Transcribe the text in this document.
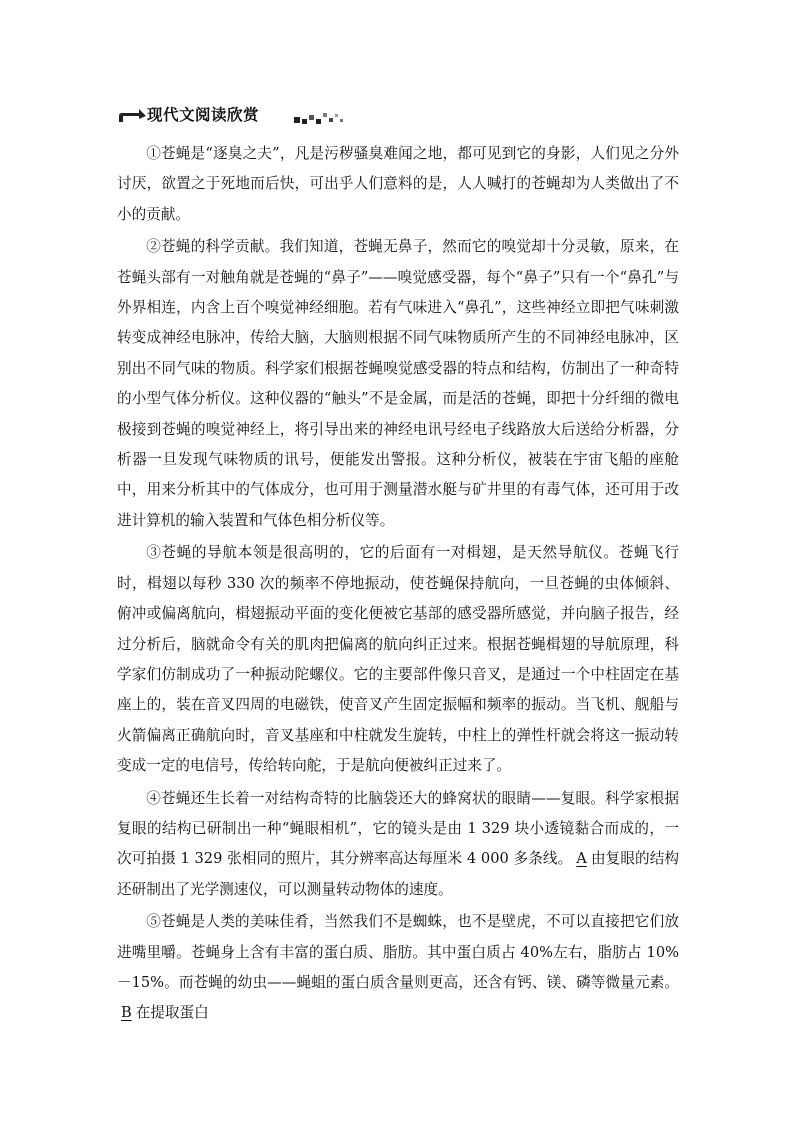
现代文阅读欣赏

①苍蝇是“逐臭之夫”，凡是污秽骚臭难闻之地，都可见到它的身影，人们见之分外讨厌，欲置之于死地而后快，可出乎人们意料的是，人人喊打的苍蝇却为人类做出了不小的贡献。

②苍蝇的科学贡献。我们知道，苍蝇无鼻子，然而它的嗅觉却十分灵敏，原来，在苍蝇头部有一对触角就是苍蝇的“鼻子”——嗅觉感受器，每个“鼻子”只有一个“鼻孔”与外界相连，内含上百个嗅觉神经细胞。若有气味进入“鼻孔”，这些神经立即把气味刺激转变成神经电脉冲，传给大脑，大脑则根据不同气味物质所产生的不同神经电脉冲，区别出不同气味的物质。科学家们根据苍蝇嗅觉感受器的特点和结构，仿制出了一种奇特的小型气体分析仪。这种仪器的“触头”不是金属，而是活的苍蝇，即把十分纤细的微电极接到苍蝇的嗅觉神经上，将引导出来的神经电讯号经电子线路放大后送给分析器，分析器一旦发现气味物质的讯号，便能发出警报。这种分析仪，被装在宇宙飞船的座舱中，用来分析其中的气体成分，也可用于测量潜水艇与矿井里的有毒气体，还可用于改进计算机的输入装置和气体色相分析仪等。

③苍蝇的导航本领是很高明的，它的后面有一对楫翅，是天然导航仪。苍蝇飞行时，楫翅以每秒 330 次的频率不停地振动，使苍蝇保持航向，一旦苍蝇的虫体倾斜、俯冲或偏离航向，楫翅振动平面的变化便被它基部的感受器所感觉，并向脑子报告，经过分析后，脑就命令有关的肌肉把偏离的航向纠正过来。根据苍蝇楫翅的导航原理，科学家们仿制成功了一种振动陀螺仪。它的主要部件像只音叉，是通过一个中柱固定在基座上的，装在音叉四周的电磁铁，使音叉产生固定振幅和频率的振动。当飞机、舰船与火箭偏离正确航向时，音叉基座和中柱就发生旋转，中柱上的弹性杆就会将这一振动转变成一定的电信号，传给转向舵，于是航向便被纠正过来了。

④苍蝇还生长着一对结构奇特的比脑袋还大的蜂窝状的眼睛——复眼。科学家根据复眼的结构已研制出一种“蝇眼相机”，它的镜头是由 1 329 块小透镜黏合而成的，一次可拍摄 1 329 张相同的照片，其分辨率高达每厘米 4 000 多条线。 A 由复眼的结构还研制出了光学测速仪，可以测量转动物体的速度。

⑤苍蝇是人类的美味佳肴，当然我们不是蜘蛛，也不是壁虎，不可以直接把它们放进嘴里嚼。苍蝇身上含有丰富的蛋白质、脂肪。其中蛋白质占 40%左右，脂肪占 10%－15%。而苍蝇的幼虫——蝇蛆的蛋白质含量则更高，还含有钙、镁、磷等微量元素。B 在提取蛋白
